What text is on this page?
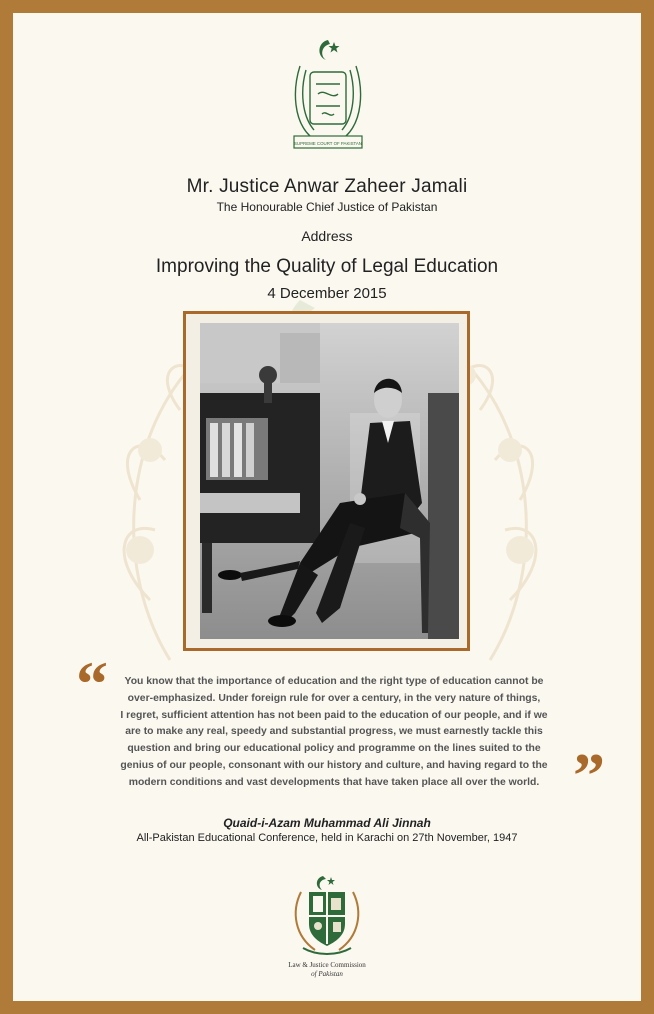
SUPREME COURT OF PAKISTAN
Mr. Justice Anwar Zaheer Jamali
The Honourable Chief Justice of Pakistan
Address
Improving the Quality of Legal Education
4 December 2015
“	You know that the importance of education and the right type of education cannot be
over-emphasized. Under foreign rule for over a century, in the very nature of things,
I regret, sufficient attention has not been paid to the education of our people, and if we
are to make any real, speedy and substantial progress, we must earnestly tackle this
question and bring our educational policy and programme on the lines suited to the
genius of our people, consonant with our history and culture, and having regard to the
modern conditions and vast developments that have taken place all over the world. ”
Quaid-i-Azam Muhammad Ali Jinnah
All-Pakistan Educational Conference, held in Karachi on 27th November, 1947
Law & Justice Commission
of Pakistan
